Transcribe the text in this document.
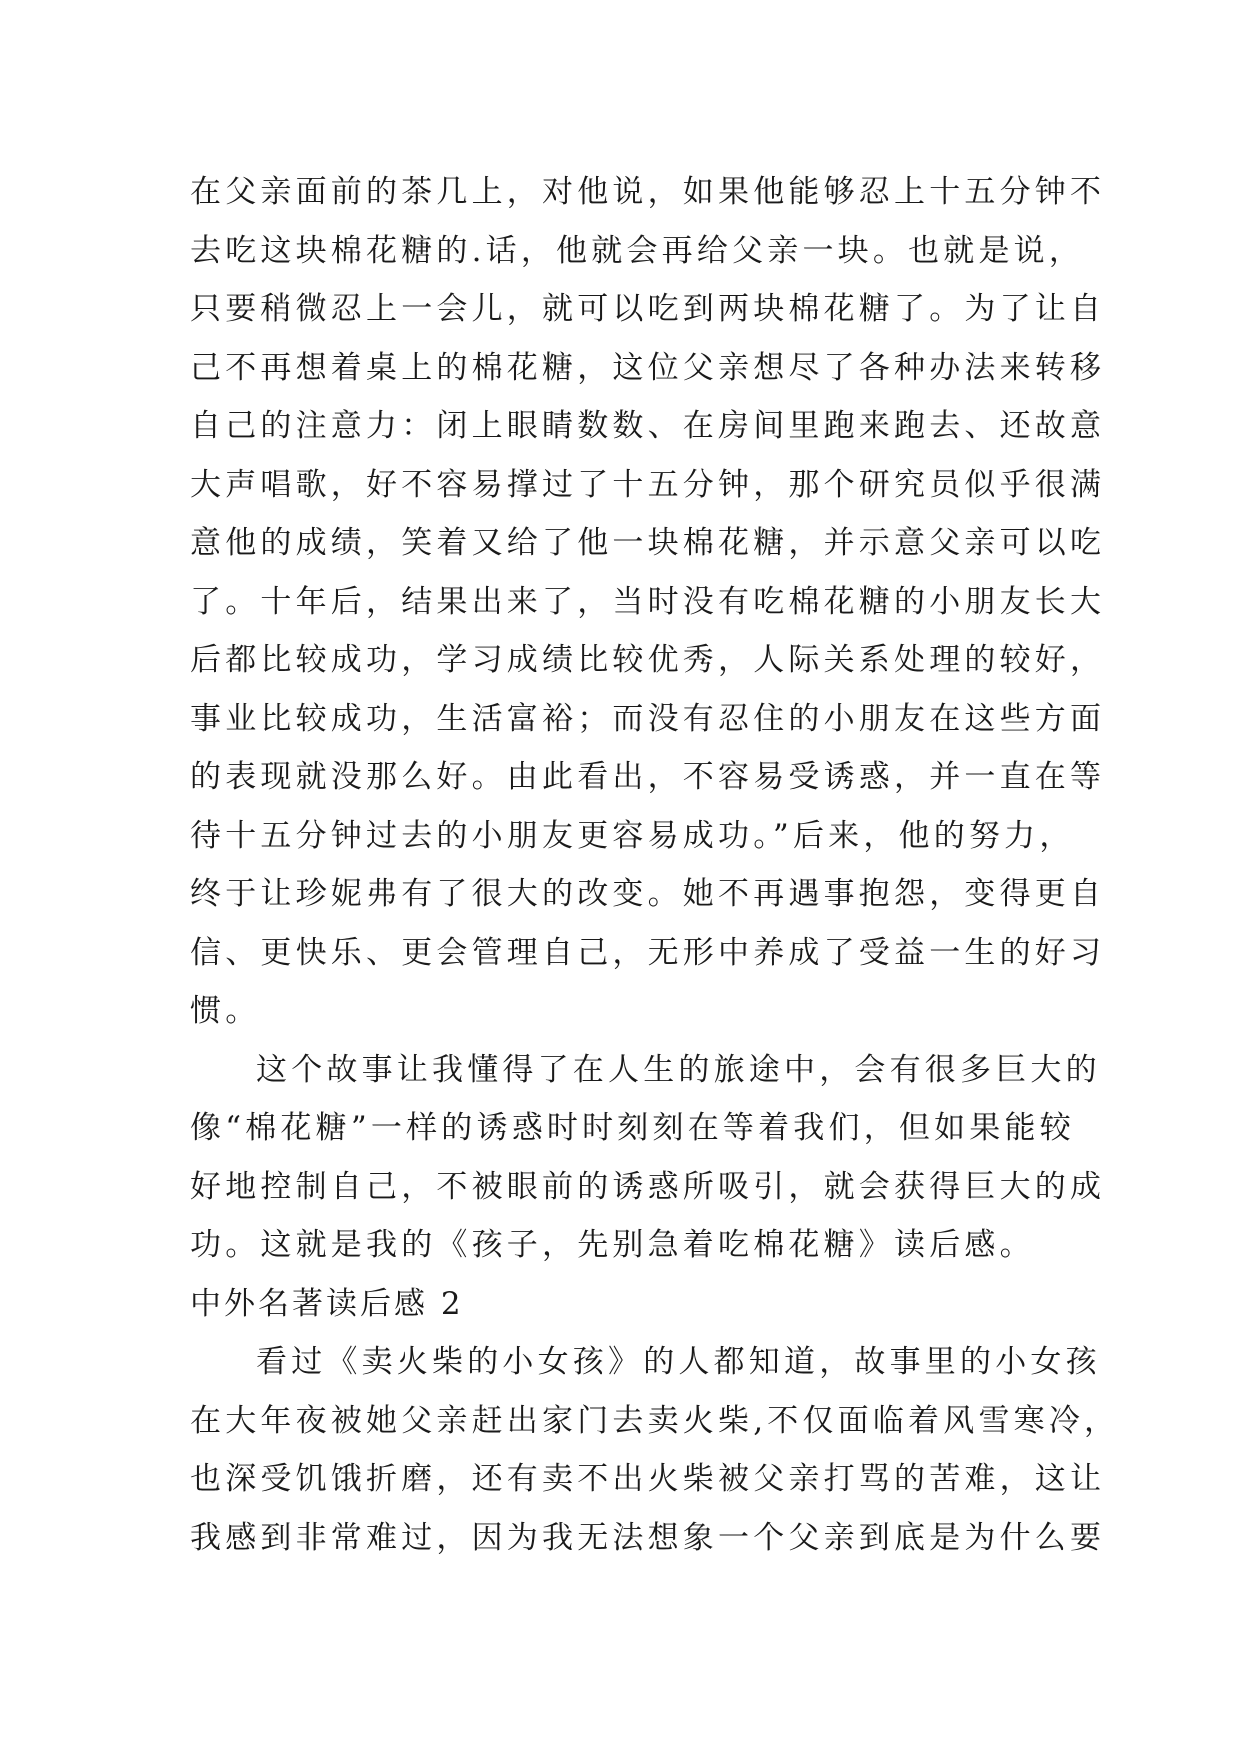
在父亲面前的茶几上，对他说，如果他能够忍上十五分钟不
去吃这块棉花糖的.话，他就会再给父亲一块。也就是说，
只要稍微忍上一会儿，就可以吃到两块棉花糖了。为了让自
己不再想着桌上的棉花糖，这位父亲想尽了各种办法来转移
自己的注意力：闭上眼睛数数、在房间里跑来跑去、还故意
大声唱歌，好不容易撑过了十五分钟，那个研究员似乎很满
意他的成绩，笑着又给了他一块棉花糖，并示意父亲可以吃
了。十年后，结果出来了，当时没有吃棉花糖的小朋友长大
后都比较成功，学习成绩比较优秀，人际关系处理的较好，
事业比较成功，生活富裕；而没有忍住的小朋友在这些方面
的表现就没那么好。由此看出，不容易受诱惑，并一直在等
待十五分钟过去的小朋友更容易成功。”后来，他的努力，
终于让珍妮弗有了很大的改变。她不再遇事抱怨，变得更自
信、更快乐、更会管理自己，无形中养成了受益一生的好习
惯。
这个故事让我懂得了在人生的旅途中，会有很多巨大的
像“棉花糖”一样的诱惑时时刻刻在等着我们，但如果能较
好地控制自己，不被眼前的诱惑所吸引，就会获得巨大的成
功。这就是我的《孩子，先别急着吃棉花糖》读后感。
中外名著读后感 2
看过《卖火柴的小女孩》的人都知道，故事里的小女孩
在大年夜被她父亲赶出家门去卖火柴,不仅面临着风雪寒冷，
也深受饥饿折磨，还有卖不出火柴被父亲打骂的苦难，这让
我感到非常难过，因为我无法想象一个父亲到底是为什么要
